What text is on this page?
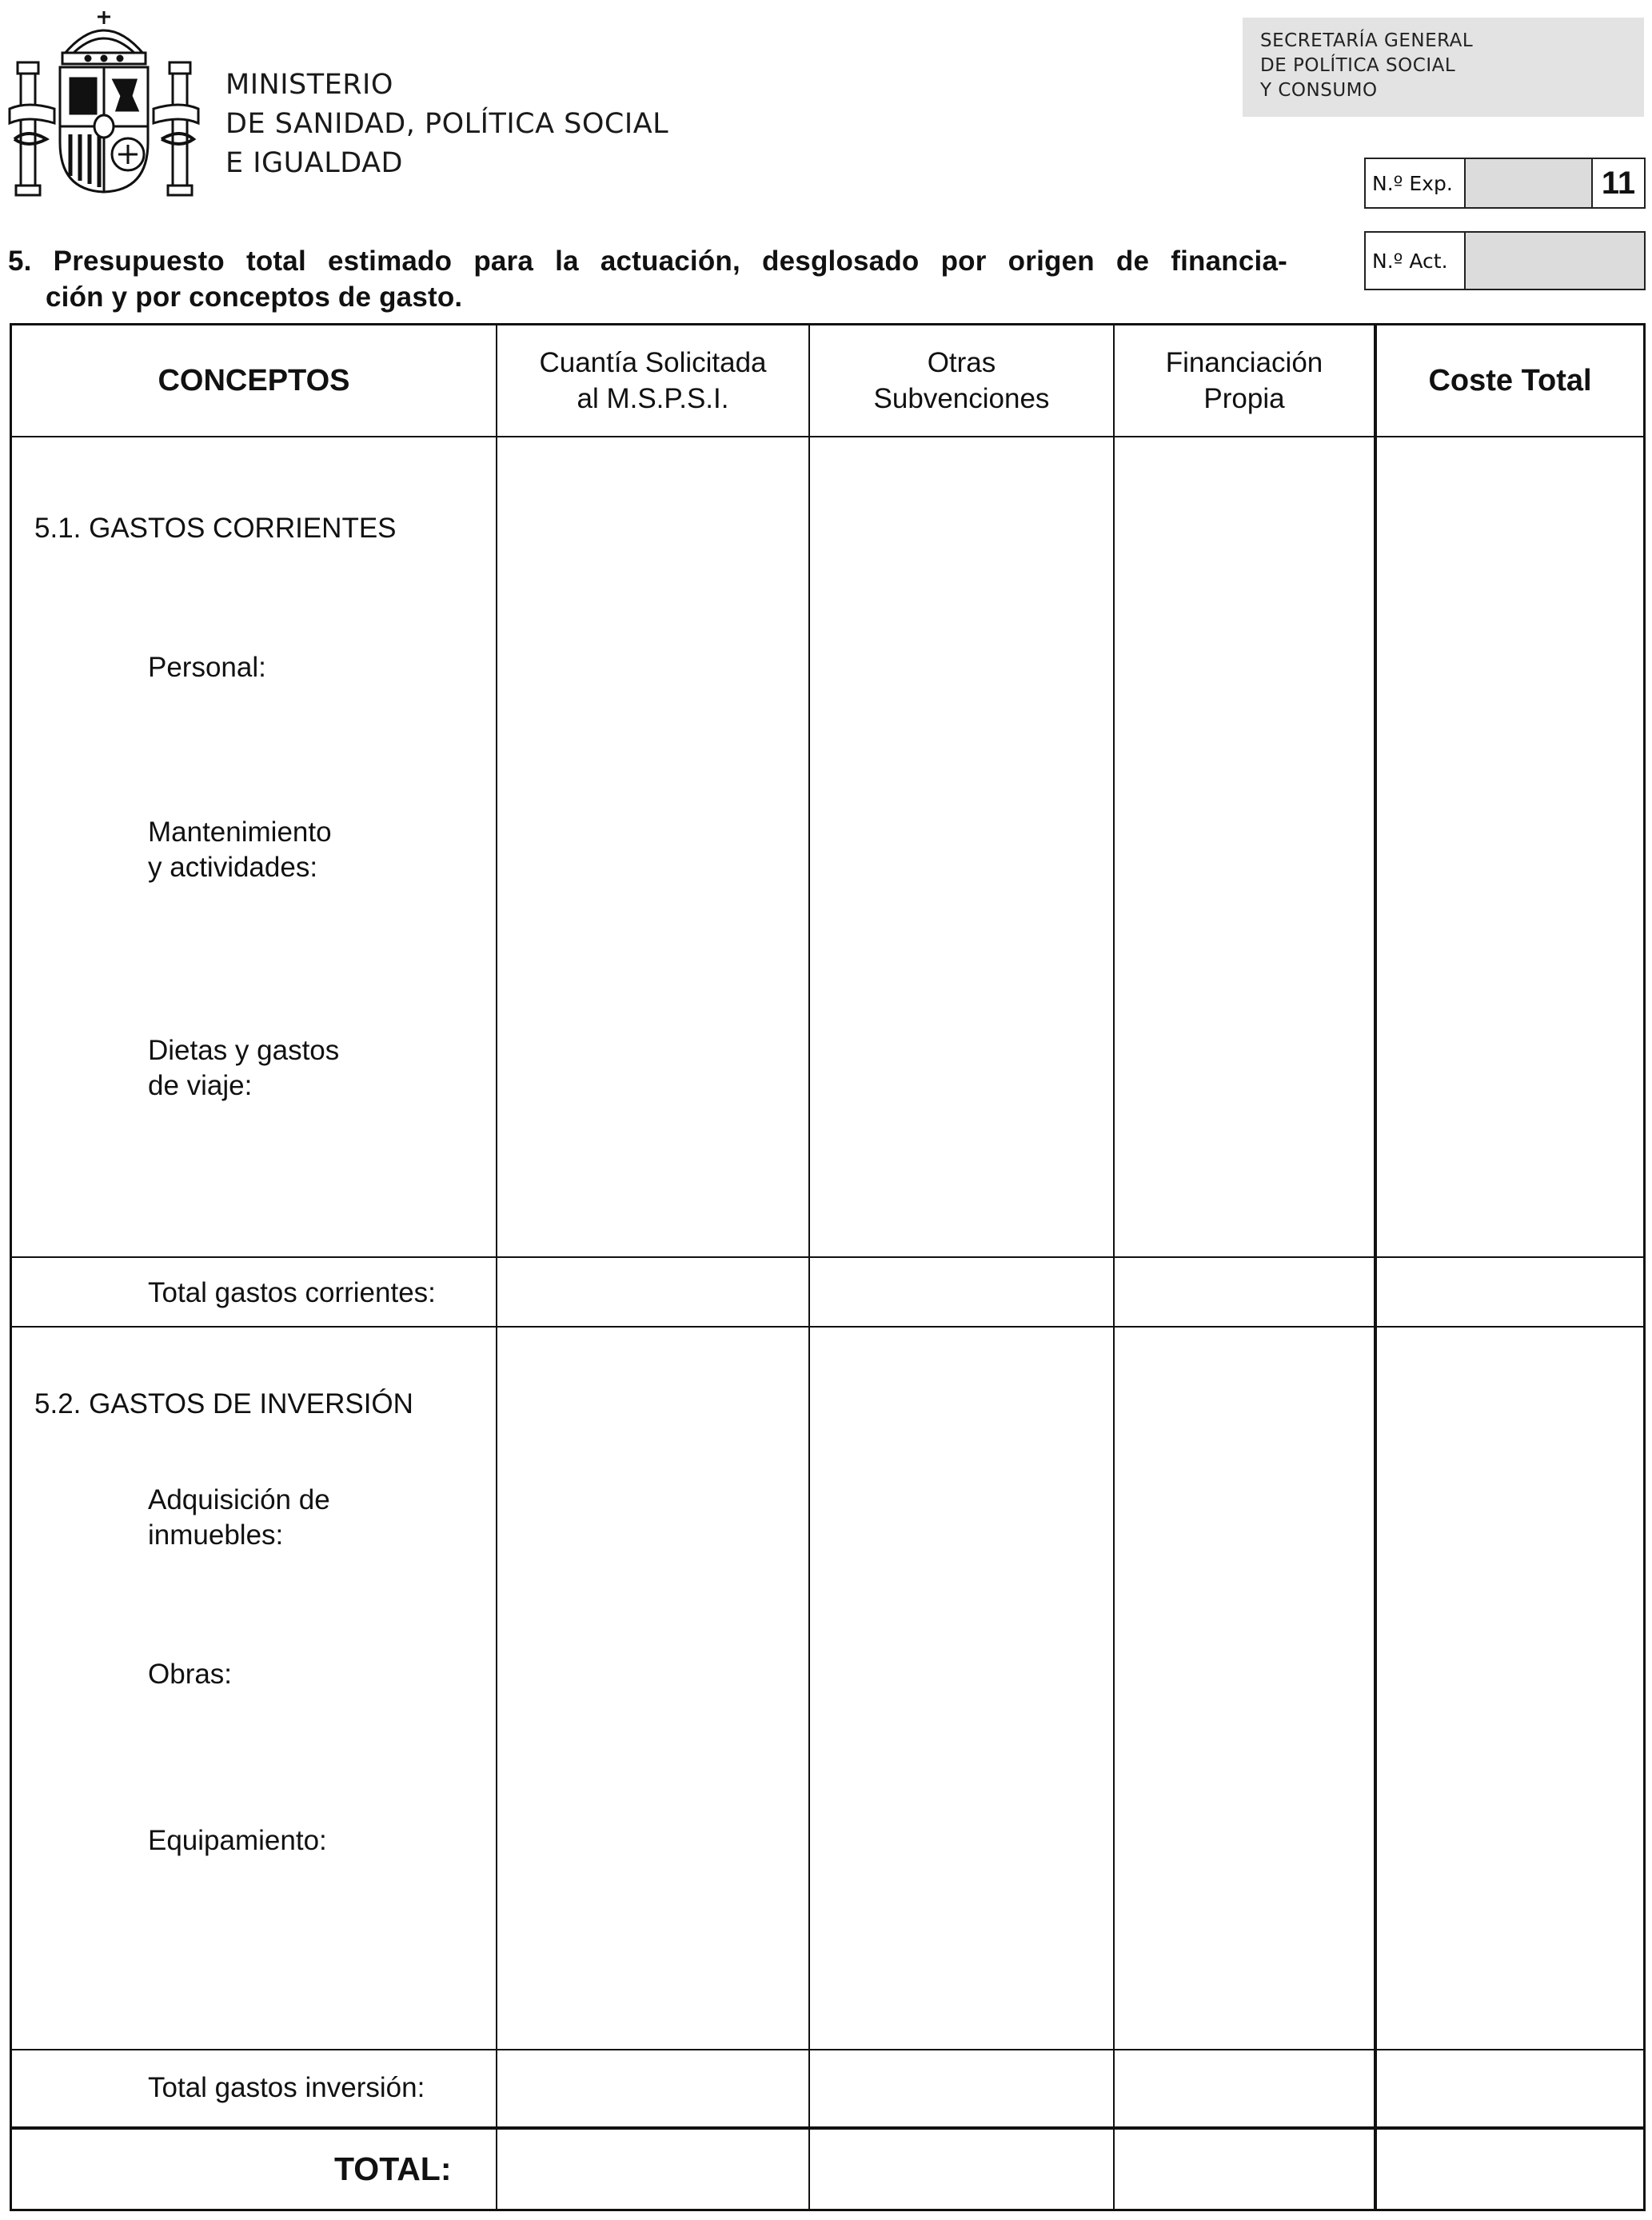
MINISTERIO
DE SANIDAD, POLÍTICA SOCIAL
E IGUALDAD
SECRETARÍA GENERAL
DE POLÍTICA SOCIAL
Y CONSUMO
N.º Exp.	11
N.º Act.
5. Presupuesto total estimado para la actuación, desglosado por origen de financia-
ción y por conceptos de gasto.
CONCEPTOS
Cuantía Solicitada
al M.S.P.S.I.
Otras
Subvenciones
Financiación
Propia
Coste Total
5.1. GASTOS CORRIENTES
Personal:
Mantenimiento
y actividades:
Dietas y gastos
de viaje:
Total gastos corrientes:
5.2. GASTOS DE INVERSIÓN
Adquisición de
inmuebles:
Obras:
Equipamiento:
Total gastos inversión:
TOTAL:
